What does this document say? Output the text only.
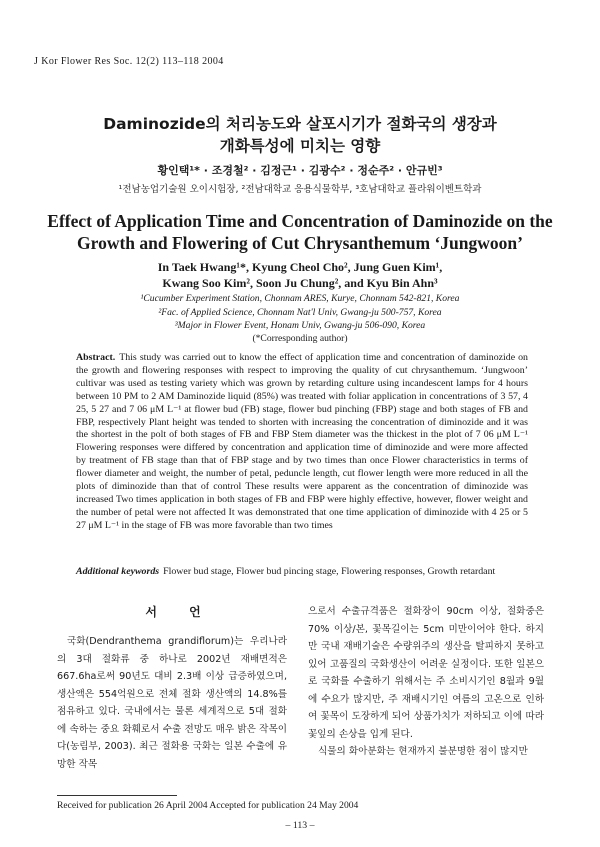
J Kor Flower Res Soc. 12(2) 113–118 2004
Daminozide의 처리농도와 살포시기가 절화국의 생장과
개화특성에 미치는 영향
황인택¹* · 조경철² · 김정근¹ · 김광수² · 정순주² · 안규빈³
¹전남농업기술원 오이시험장, ²전남대학교 응용식물학부, ³호남대학교 플라워이벤트학과
Effect of Application Time and Concentration of Daminozide on the
Growth and Flowering of Cut Chrysanthemum ‘Jungwoon’
In Taek Hwang¹*, Kyung Cheol Cho², Jung Guen Kim¹,
Kwang Soo Kim², Soon Ju Chung², and Kyu Bin Ahn³
¹Cucumber Experiment Station, Chonnam ARES, Kurye, Chonnam 542-821, Korea
²Fac. of Applied Science, Chonnam Nat'l Univ, Gwang-ju 500-757, Korea
³Major in Flower Event, Honam Univ, Gwang-ju 506-090, Korea
(*Corresponding author)
Abstract. This study was carried out to know the effect of application time and concentration of daminozide on the growth and flowering responses with respect to improving the quality of cut chrysanthemum. ‘Jungwoon’ cultivar was used as testing variety which was grown by retarding culture using incandescent lamps for 4 hours between 10 PM to 2 AM Daminozide liquid (85%) was treated with foliar application in concentrations of 3 57, 4 25, 5 27 and 7 06 μM L⁻¹ at flower bud (FB) stage, flower bud pinching (FBP) stage and both stages of FB and FBP, respectively Plant height was tended to shorten with increasing the concentration of diminozide and it was the shortest in the polt of both stages of FB and FBP Stem diameter was the thickest in the plot of 7 06 μM L⁻¹ Flowering responses were differed by concentration and application time of diminozide and were more affected by treatment of FB stage than that of FBP stage and by two times than once Flower characteristics in terms of flower diameter and weight, the number of petal, peduncle length, cut flower length were more reduced in all the plots of diminozide than that of control These results were apparent as the concentration of diminozide was increased Two times application in both stages of FB and FBP were highly effective, however, flower weight and the number of petal were not affected It was demonstrated that one time application of diminozide with 4 25 or 5 27 μM L⁻¹ in the stage of FB was more favorable than two times
Additional keywords Flower bud stage, Flower bud pincing stage, Flowering responses, Growth retardant
서 언
국화(Dendranthema grandiflorum)는 우리나라의 3대 절화류 중 하나로 2002년 재배면적은 667.6ha로써 90년도 대비 2.3배 이상 급증하였으며, 생산액은 554억원으로 전체 절화 생산액의 14.8%를 점유하고 있다. 국내에서는 물론 세계적으로 5대 절화에 속하는 중요 화훼로서 수출 전망도 매우 밝은 작목이다(농림부, 2003). 최근 절화용 국화는 일본 수출에 유망한 작목
으로서 수출규격품은 절화장이 90cm 이상, 절화중은 70% 이상/본, 꽃목길이는 5cm 미만이어야 한다. 하지만 국내 재배기술은 수량위주의 생산을 탈피하지 못하고 있어 고품질의 국화생산이 어려운 실정이다. 또한 일본으로 국화를 수출하기 위해서는 주 소비시기인 8월과 9월에 수요가 많지만, 주 재배시기인 여름의 고온으로 인하여 꽃목이 도장하게 되어 상품가치가 저하되고 이에 따라 꽃잎의 손상을 입게 된다.
식물의 화아분화는 현재까지 불분명한 점이 많지만
Received for publication 26 April 2004 Accepted for publication 24 May 2004
– 113 –
